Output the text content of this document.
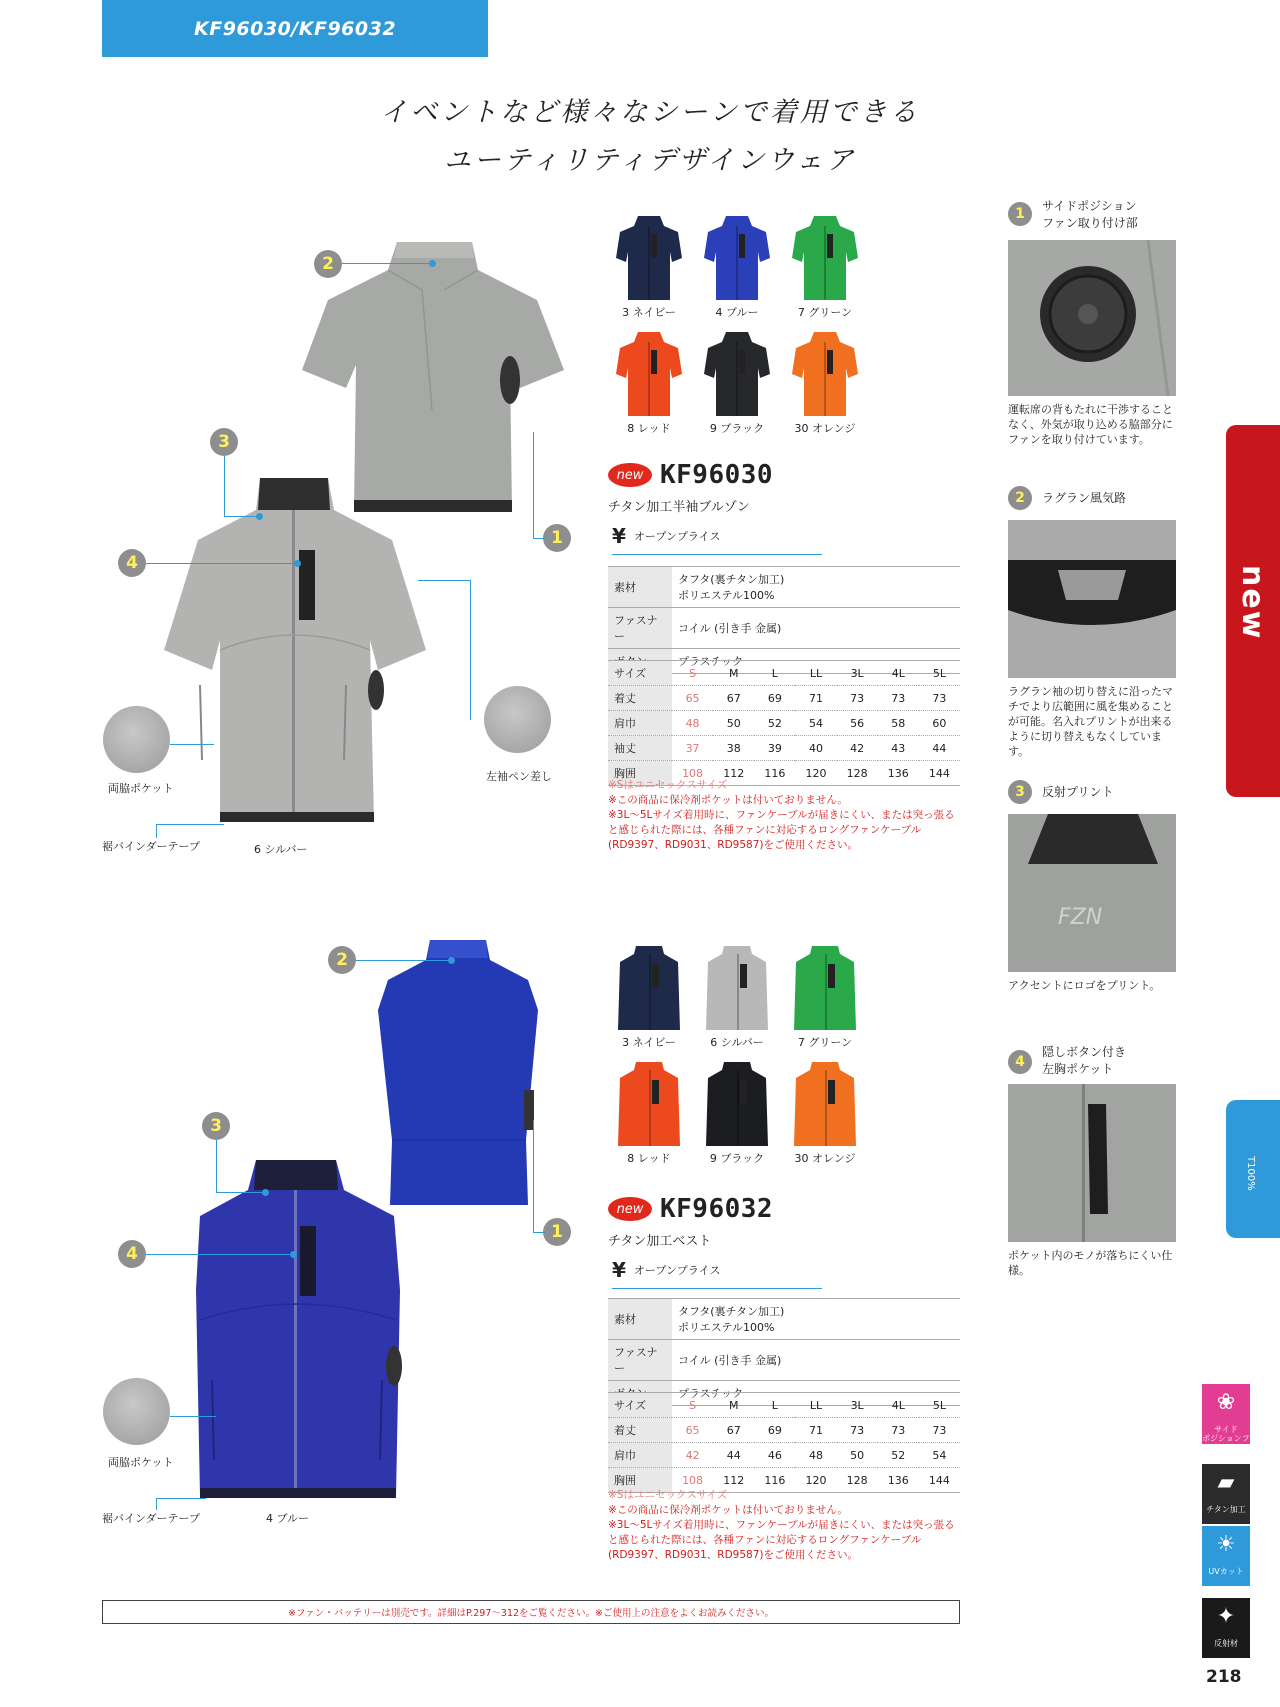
KF96030/KF96032
イベントなど様々なシーンで着用できる
ユーティリティデザインウェア
2
3
4
1
両脇ポケット
左袖ペン差し
裾バインダーテープ	6 シルバー
3 ネイビー	4 ブルー	7 グリーン
8 レッド	9 ブラック	30 オレンジ
new KF96030
チタン加工半袖ブルゾン
¥ オープンプライス
素材	タフタ(裏チタン加工)
ポリエステル100%
ファスナー	コイル (引き手 金属)
	プラスチック
サイズ	S	M	L	LL	3L	4L	5L
着丈	65	67	69	71	73	73	73
肩巾	48	50	52	54	56	58	60
袖丈	37	38	39	40	42	43	44
胸囲	108	112	116	120	128	136	144
※Sはユニセックスサイズ
※この商品に保冷剤ポケットは付いておりません。
※3L～5Lサイズ着用時に、ファンケーブルが届きにくい、または突っ張ると感じられた際には、各種ファンに対応するロングファンケーブル(RD9397、RD9031、RD9587)をご使用ください。
2
3
4
1
両脇ポケット
裾バインダーテープ	4 ブルー
3 ネイビー	6 シルバー	7 グリーン
8 レッド	9 ブラック	30 オレンジ
new KF96032
チタン加工ベスト
¥ オープンプライス
素材	タフタ(裏チタン加工)
ポリエステル100%
ファスナー	コイル (引き手 金属)
	プラスチック
サイズ	S	M	L	LL	3L	4L	5L
着丈	65	67	69	71	73	73	73
肩巾	42	44	46	48	50	52	54
胸囲	108	112	116	120	128	136	144
※Sはユニセックスサイズ
※この商品に保冷剤ポケットは付いておりません。
※3L～5Lサイズ着用時に、ファンケーブルが届きにくい、または突っ張ると感じられた際には、各種ファンに対応するロングファンケーブル(RD9397、RD9031、RD9587)をご使用ください。
1	サイドポジション
ファン取り付け部
運転席の背もたれに干渉することなく、外気が取り込める脇部分にファンを取り付けています。
2	ラグラン風気路
ラグラン袖の切り替えに沿ったマチでより広範囲に風を集めることが可能。名入れプリントが出来るように切り替えもなくしています。
3	反射プリント
FZN
アクセントにロゴをプリント。
4
隠しボタン付き
左胸ポケット
ポケット内のモノが落ちにくい仕様。
new
T100%
❀
サイド
ポジションファン
▰
チタン加工
☀
UVカット
✦
反射材
※ファン・バッテリーは別売です。詳細はP.297～312をご覧ください。※ご使用上の注意をよくお読みください。
218
